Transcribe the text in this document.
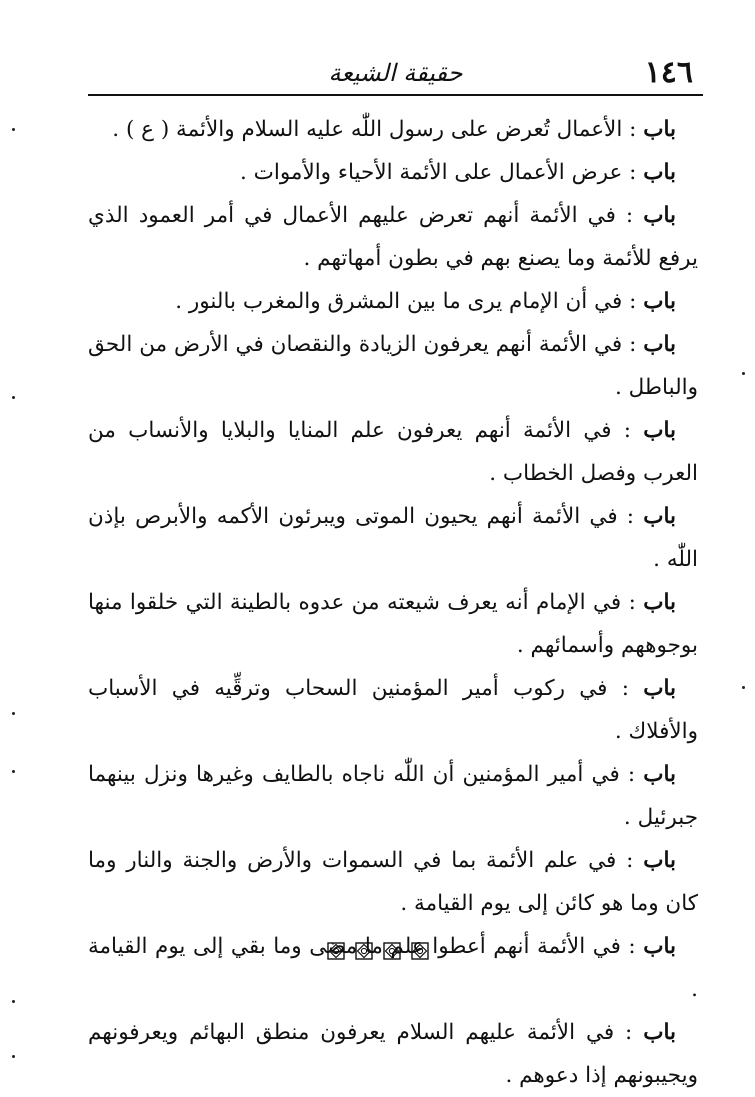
١٤٦
حقيقة الشيعة

باب : الأعمال تُعرض على رسول اللّٰه عليه السلام والأئمة ( ع ) .

باب : عرض الأعمال على الأئمة الأحياء والأموات .

باب : في الأئمة أنهم تعرض عليهم الأعمال في أمر العمود الذي يرفع للأئمة وما يصنع بهم في بطون أمهاتهم .

باب : في أن الإمام يرى ما بين المشرق والمغرب بالنور .

باب : في الأئمة أنهم يعرفون الزيادة والنقصان في الأرض من الحق والباطل .

باب : في الأئمة أنهم يعرفون علم المنايا والبلايا والأنساب من العرب وفصل الخطاب .

باب : في الأئمة أنهم يحيون الموتى ويبرئون الأكمه والأبرص بإذن اللّٰه .

باب : في الإمام أنه يعرف شيعته من عدوه بالطينة التي خلقوا منها بوجوههم وأسمائهم .

باب : في ركوب أمير المؤمنين السحاب وترقِّيه في الأسباب والأفلاك .

باب : في أمير المؤمنين أن اللّٰه ناجاه بالطايف وغيرها ونزل بينهما جبرئيل .

باب : في علم الأئمة بما في السموات والأرض والجنة والنار وما كان وما هو كائن إلى يوم القيامة .

باب : في الأئمة أنهم أعطوا علم ما مضى وما بقي إلى يوم القيامة .

باب : في الأئمة عليهم السلام يعرفون منطق البهائم ويعرفونهم ويجيبونهم إذا دعوهم .
